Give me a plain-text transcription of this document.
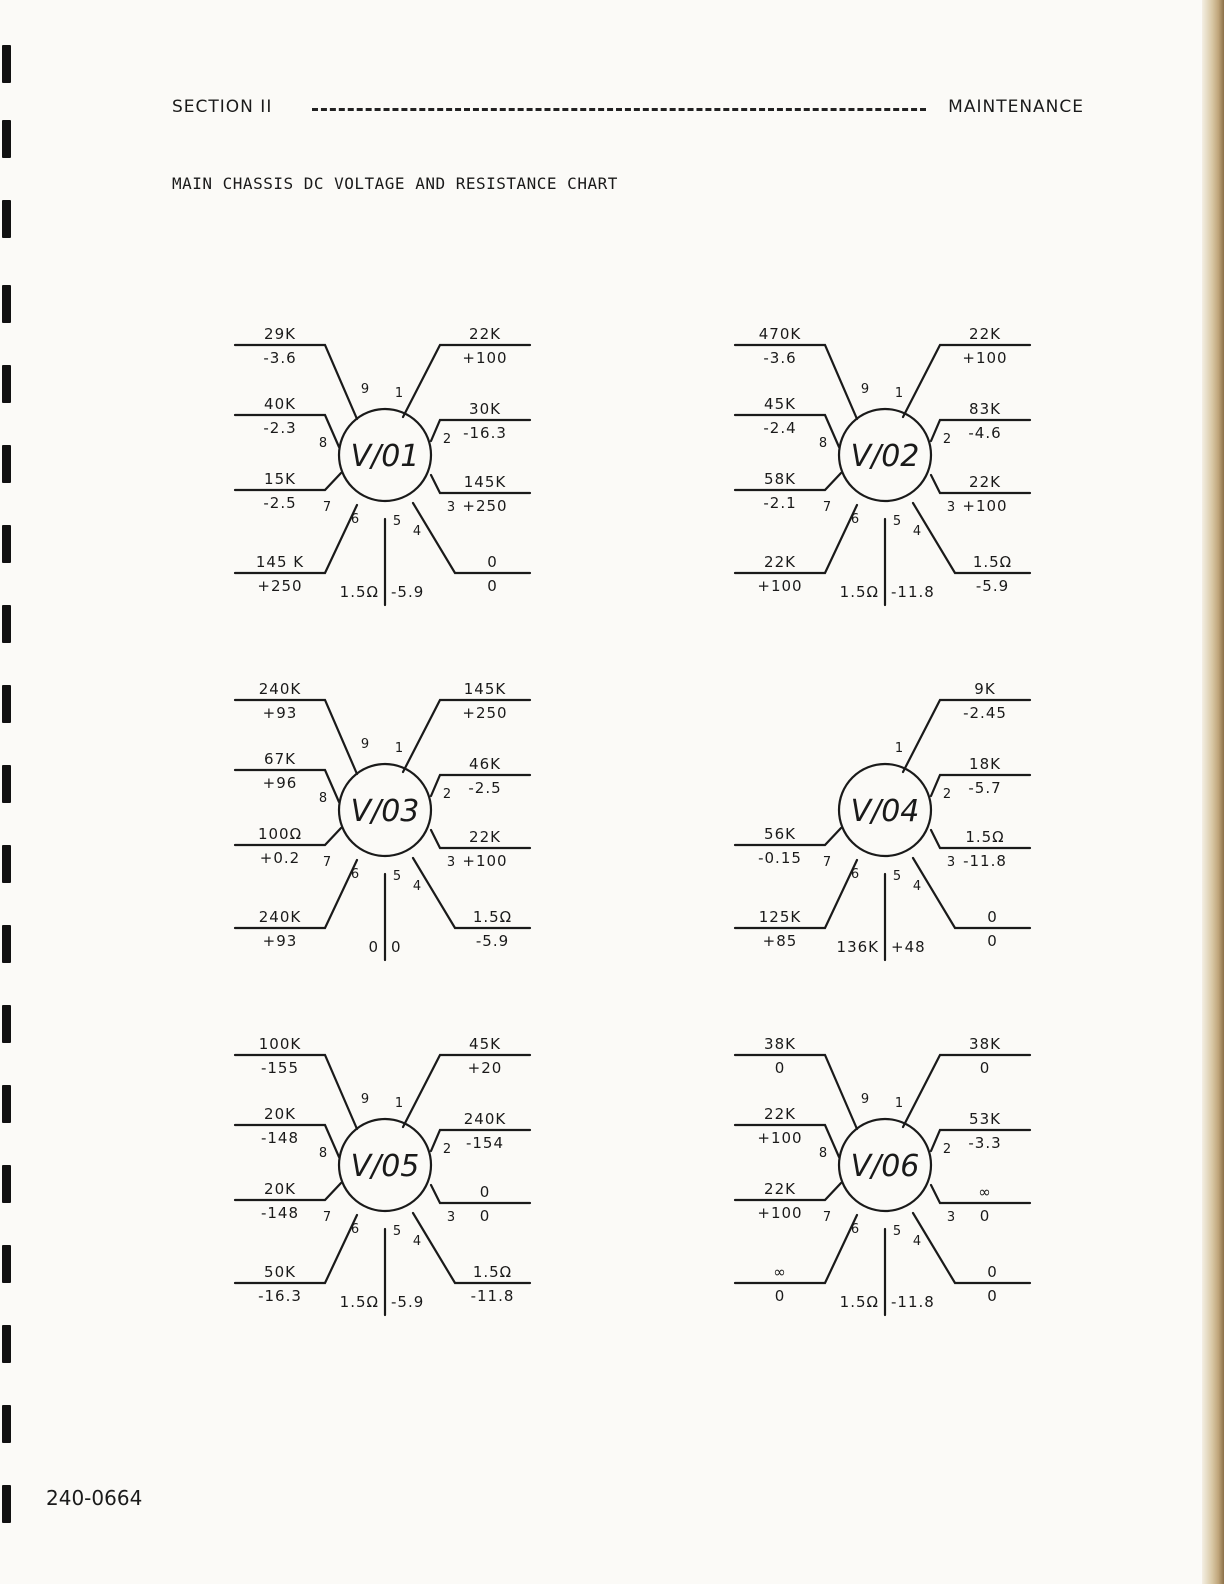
SECTION II	MAINTENANCE
MAIN CHASSIS DC VOLTAGE AND RESISTANCE CHART
V/01
29K
-3.6
9
22K
+100
1
40K
-2.3
8
30K
-16.3
2
15K
-2.5 7
145K
+250
3
145 K
+250
6
0
0
4
1.5Ω -5.9
5
V/02
470K
-3.6
9
22K
+100
1
45K
-2.4
8
83K
-4.6
2
58K
-2.1 7
22K
+100
3
22K
+100
6
1.5Ω
-5.9
4
1.5Ω -11.8
5
V/03
240K
+93
9
145K
+250
1
67K
+96
8
46K
-2.5
2
100Ω
+0.2 7
22K
+100
3
240K
+93
6
1.5Ω
-5.9
4
0 0
5
V/04
9K
-2.45
1
18K
-5.7
2
56K
-0.15 7
1.5Ω
-11.8
3
125K
+85
6
0
0
4
136K +48
5
V/05
100K
-155
9
45K
+20
1
20K
-148
8
240K
-154
2
20K
-148 7
0
0
3
50K
-16.3
6
1.5Ω
-11.8
4
1.5Ω -5.9
5
V/06
38K
0
9
38K
0
1
22K
+100
8
53K
-3.3
2
22K
+100 7
∞
0
3
∞
0
6
0
0
4
1.5Ω -11.8
5
240-0664
